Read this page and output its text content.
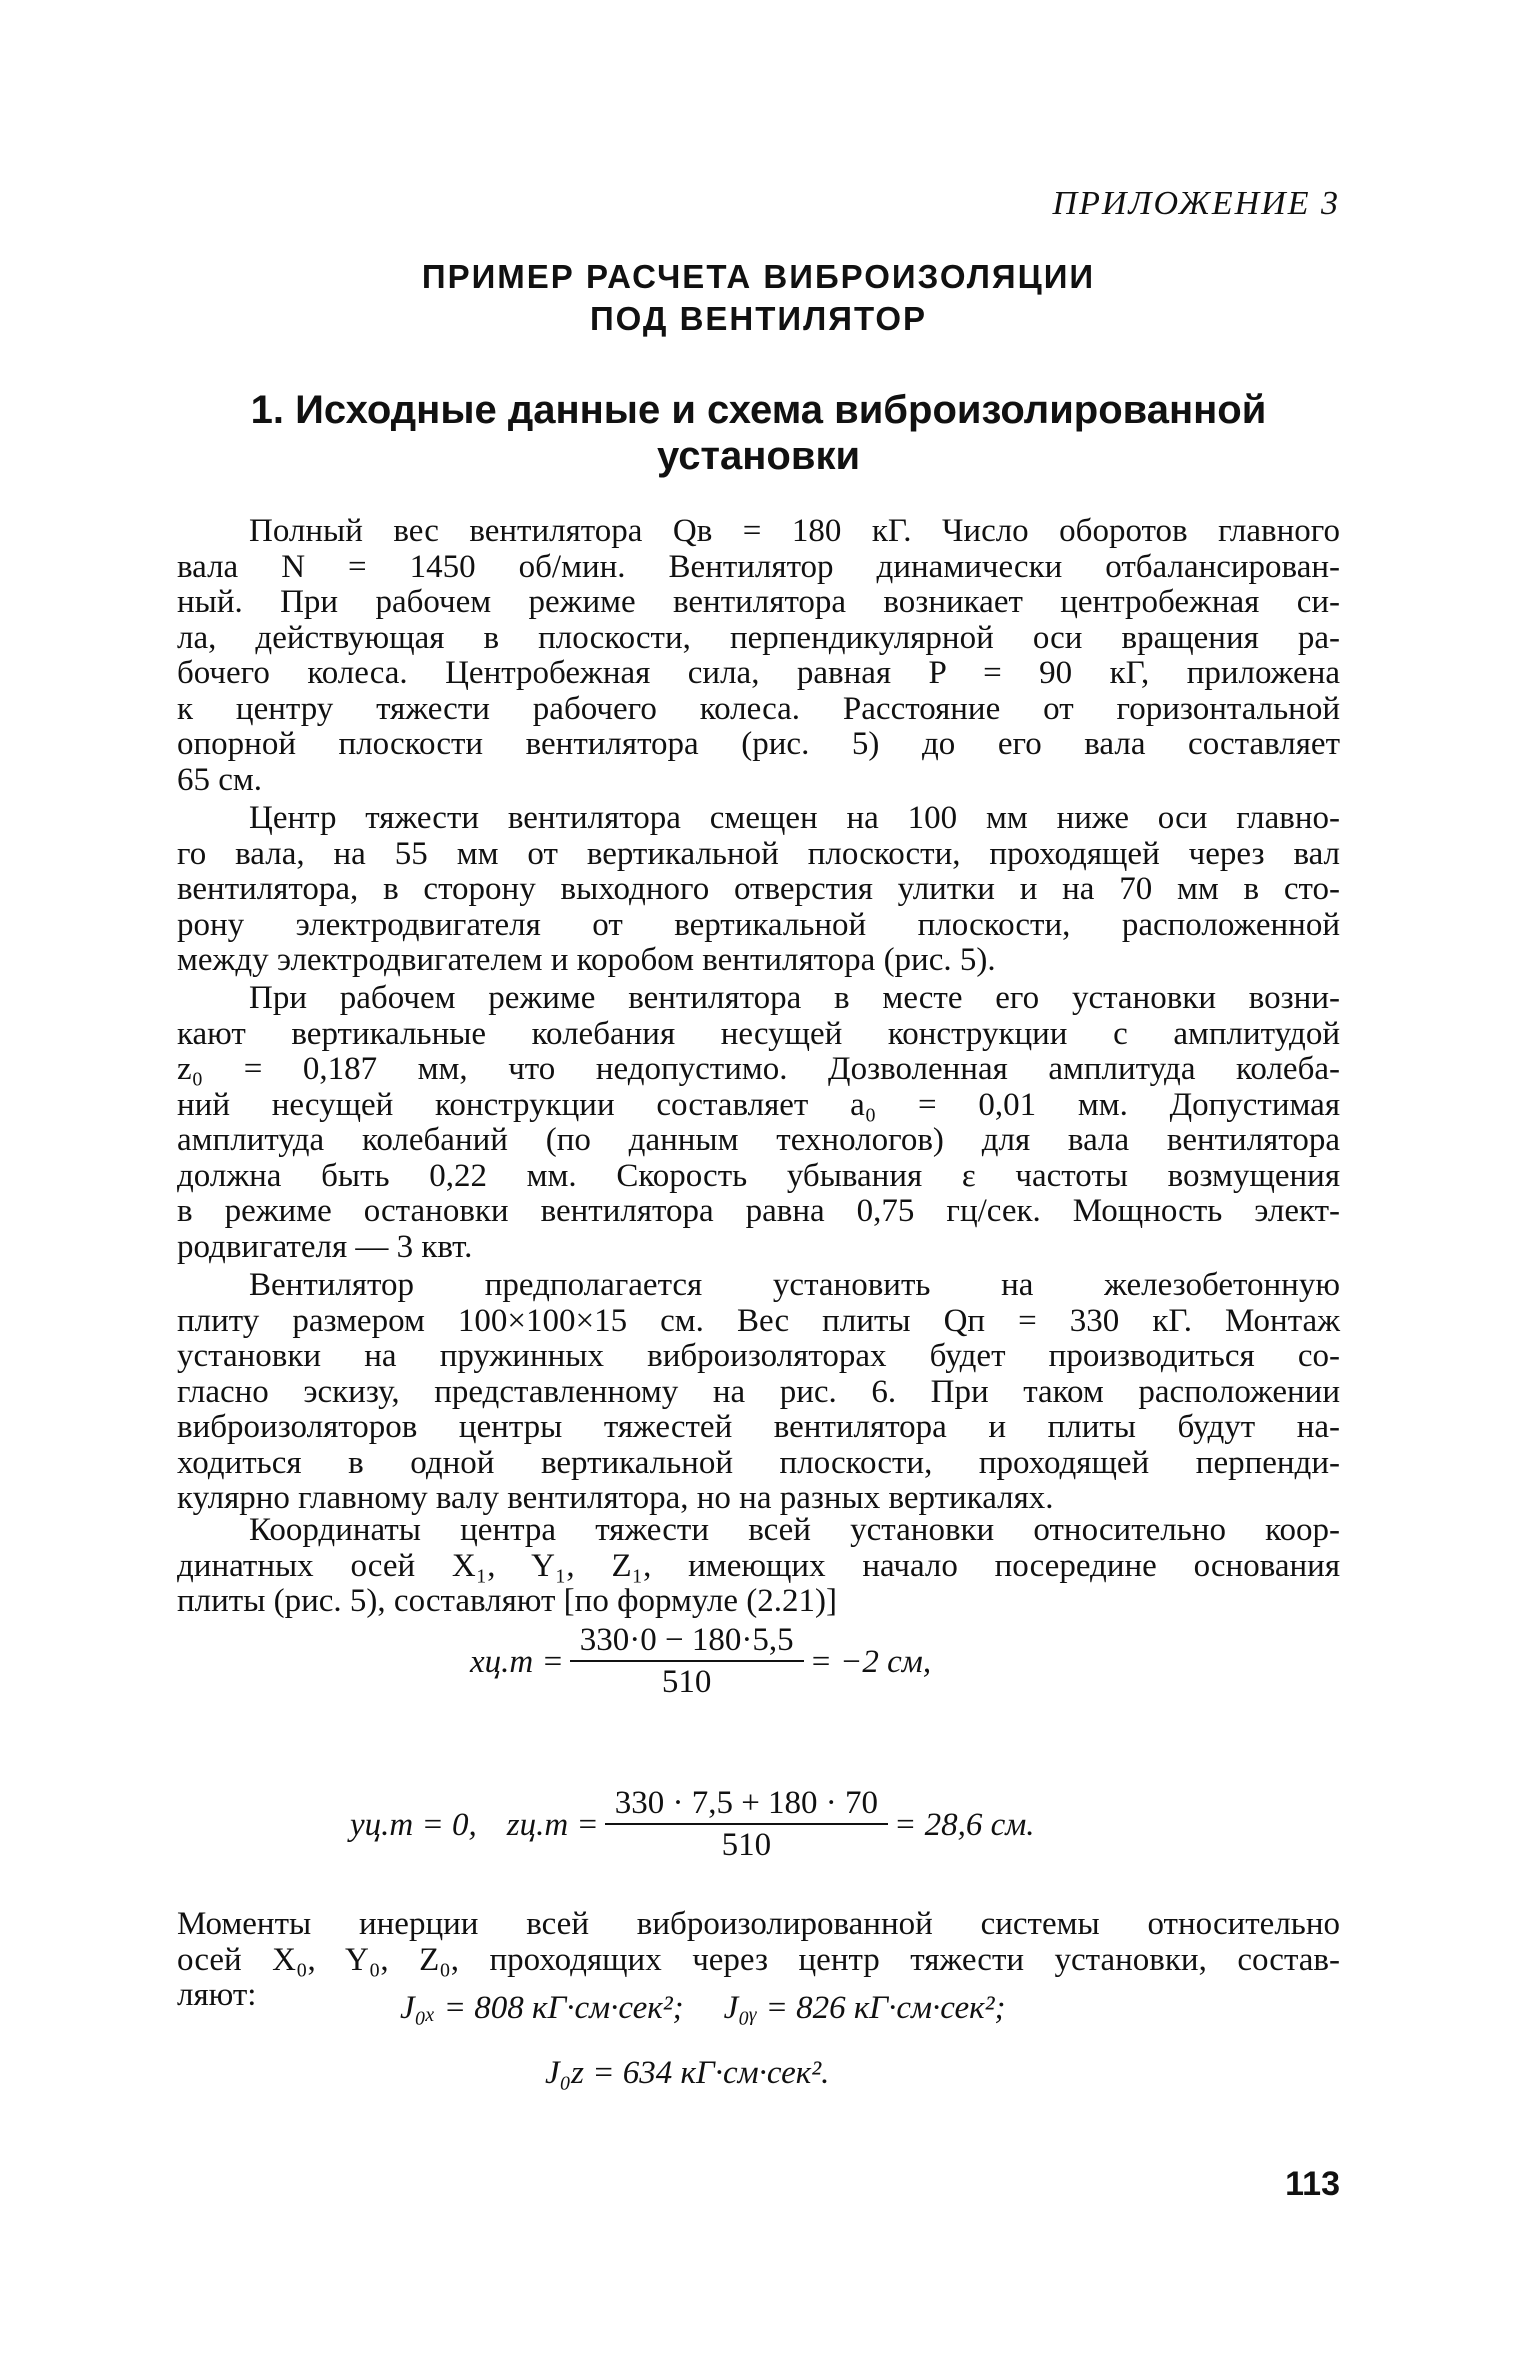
ПРИЛОЖЕНИЕ 3
ПРИМЕР РАСЧЕТА ВИБРОИЗОЛЯЦИИ
ПОД ВЕНТИЛЯТОР
1. Исходные данные и схема виброизолированной
установки
Полный вес вентилятора Qв = 180 кГ. Число оборотов главного
вала N = 1450 об/мин. Вентилятор динамически отбалансирован-
ный. При рабочем режиме вентилятора возникает центробежная си-
ла, действующая в плоскости, перпендикулярной оси вращения ра-
бочего колеса. Центробежная сила, равная P = 90 кГ, приложена
к центру тяжести рабочего колеса. Расстояние от горизонтальной
опорной плоскости вентилятора (рис. 5) до его вала составляет
65 см.
Центр тяжести вентилятора смещен на 100 мм ниже оси главно-
го вала, на 55 мм от вертикальной плоскости, проходящей через вал
вентилятора, в сторону выходного отверстия улитки и на 70 мм в сто-
рону электродвигателя от вертикальной плоскости, расположенной
между электродвигателем и коробом вентилятора (рис. 5).
При рабочем режиме вентилятора в месте его установки возни-
кают вертикальные колебания несущей конструкции с амплитудой
z₀ = 0,187 мм, что недопустимо. Дозволенная амплитуда колеба-
ний несущей конструкции составляет a₀ = 0,01 мм. Допустимая
амплитуда колебаний (по данным технологов) для вала вентилятора
должна быть 0,22 мм. Скорость убывания ε частоты возмущения
в режиме остановки вентилятора равна 0,75 гц/сек. Мощность элект-
родвигателя — 3 квт.
Вентилятор предполагается установить на железобетонную
плиту размером 100×100×15 см. Вес плиты Qп = 330 кГ. Монтаж
установки на пружинных виброизоляторах будет производиться со-
гласно эскизу, представленному на рис. 6. При таком расположении
виброизоляторов центры тяжестей вентилятора и плиты будут на-
ходиться в одной вертикальной плоскости, проходящей перпенди-
кулярно главному валу вентилятора, но на разных вертикалях.
Координаты центра тяжести всей установки относительно коор-
динатных осей X₁, Y₁, Z₁, имеющих начало посередине основания
плиты (рис. 5), составляют [по формуле (2.21)]
$xц.т = \frac{330\cdot 0 - 180\cdot 5,5}{510} = -2$ см,
yц.т = 0, $zц.т = \frac{330 \cdot 7,5 + 180 \cdot 70}{510} = 28,6$ см.
Моменты инерции всей виброизолированной системы относительно
осей X₀, Y₀, Z₀, проходящих через центр тяжести установки, состав-
ляют:	J₀ₓ = 808 кГ·см·сек²; J₀ᵧ = 826 кГ·см·сек²;
J₀z = 634 кГ·см·сек².
113
